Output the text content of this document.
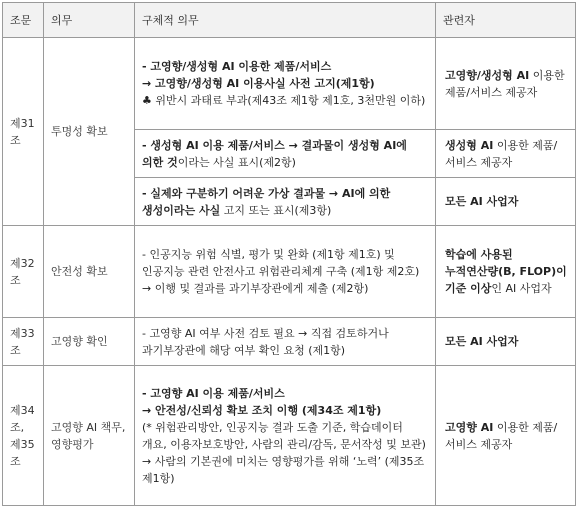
조문	의무	구체적 의무	관련자
제31조	투명성 확보	- 고영향/생성형 AI 이용한 제품/서비스
→ 고영향/생성형 AI 이용사실 사전 고지(제1항)
♣ 위반시 과태료 부과(제43조 제1항 제1호, 3천만원 이하)	고영향/생성형 AI 이용한 제품/서비스 제공자
		- 생성형 AI 이용 제품/서비스 → 결과물이 생성형 AI에 의한 것이라는 사실 표시(제2항)	생성형 AI 이용한 제품/서비스 제공자
		- 실제와 구분하기 어려운 가상 결과물 → AI에 의한 생성이라는 사실 고지 또는 표시(제3항)	모든 AI 사업자
제32조	안전성 확보	- 인공지능 위험 식별, 평가 및 완화 (제1항 제1호) 및 인공지능 관련 안전사고 위험관리체계 구축 (제1항 제2호)
→ 이행 및 결과를 과기부장관에게 제출 (제2항)	학습에 사용된 누적연산량(B, FLOP)이 기준 이상인 AI 사업자
제33조	고영향 확인	- 고영향 AI 여부 사전 검토 필요 → 직접 검토하거나 과기부장관에 해당 여부 확인 요청 (제1항)	모든 AI 사업자
제34조, 제35조	고영향 AI 책무, 영향평가	- 고영향 AI 이용 제품/서비스
→ 안전성/신뢰성 확보 조치 이행 (제34조 제1항)
(* 위험관리방안, 인공지능 결과 도출 기준, 학습데이터 개요, 이용자보호방안, 사람의 관리/감독, 문서작성 및 보관)
→ 사람의 기본권에 미치는 영향평가를 위해 ‘노력’ (제35조 제1항)	고영향 AI 이용한 제품/서비스 제공자
